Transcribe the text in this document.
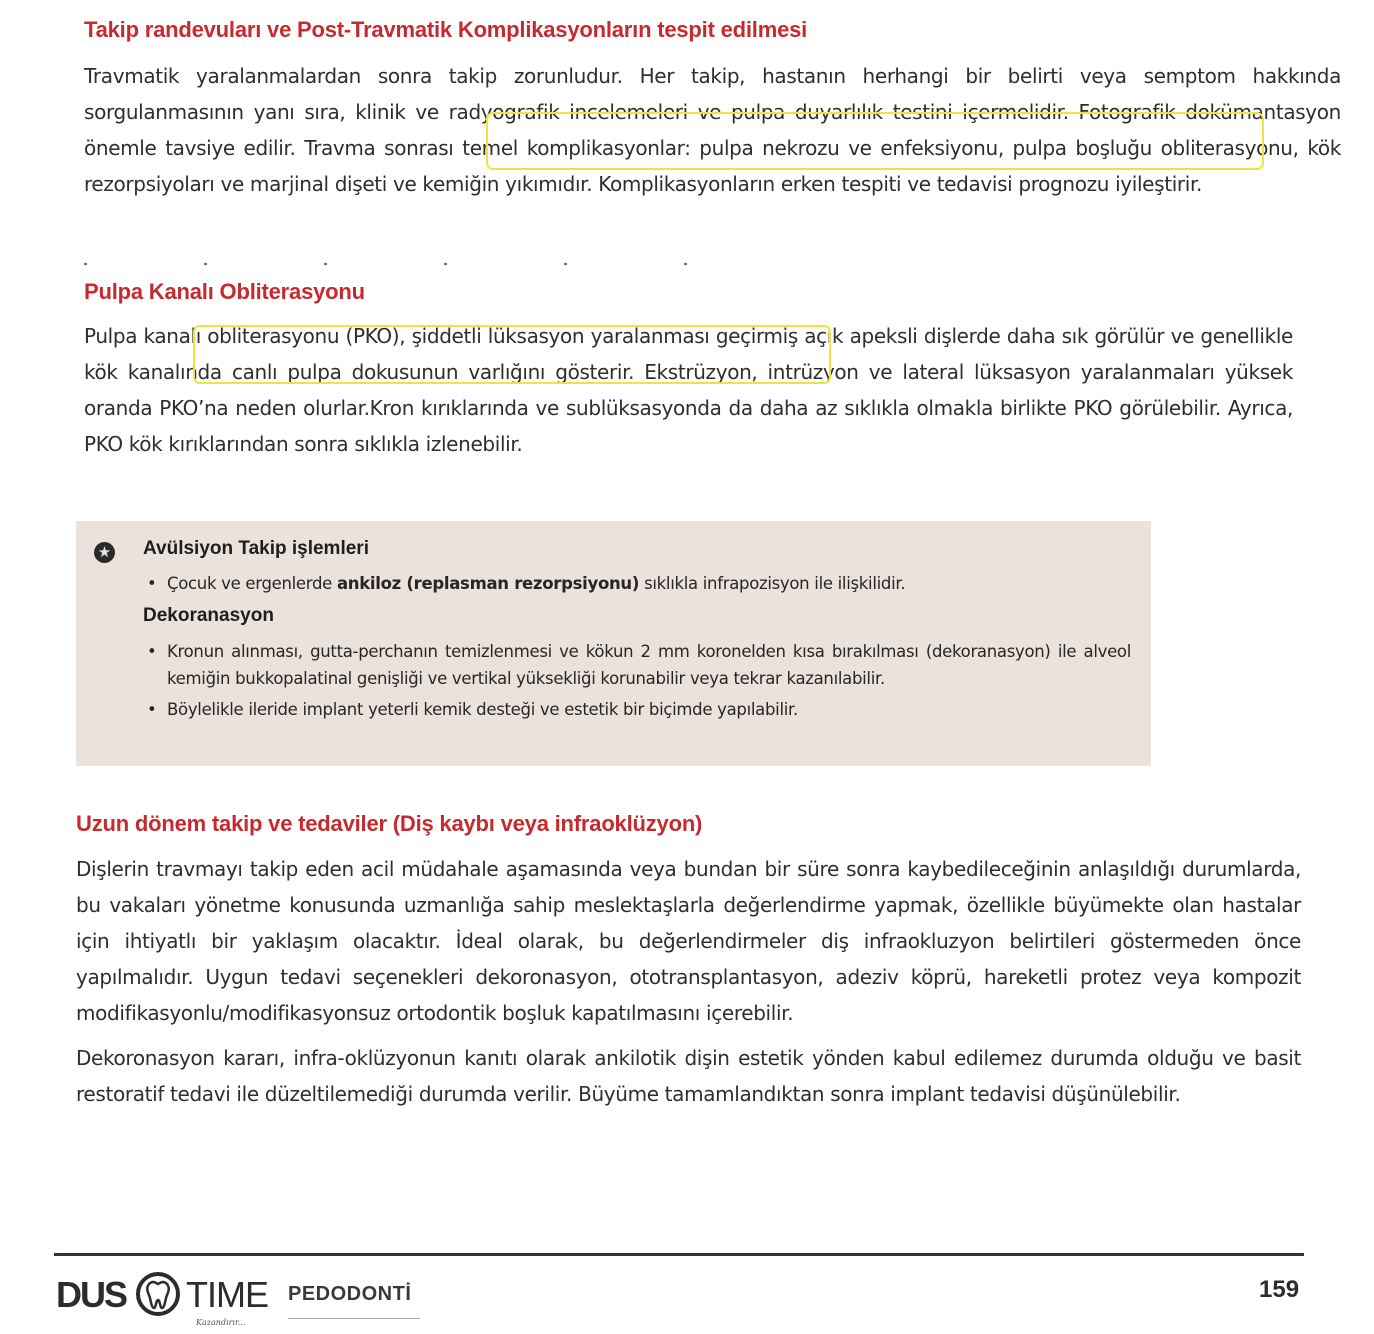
Takip randevuları ve Post-Travmatik Komplikasyonların tespit edilmesi

Travmatik yaralanmalardan sonra takip zorunludur. Her takip, hastanın herhangi bir belirti veya semptom hakkında sorgulanmasının yanı sıra, klinik ve radyografik incelemeleri ve pulpa duyarlılık testini içermelidir. Fotografik dokümantasyon önemle tavsiye edilir. Travma sonrası temel komplikasyonlar: pulpa nekrozu ve enfeksiyonu, pulpa boşluğu obliterasyonu, kök rezorpsiyoları ve marjinal dişeti ve kemiğin yıkımıdır. Komplikasyonların erken tespiti ve tedavisi prognozu iyileştirir.

Pulpa Kanalı Obliterasyonu

Pulpa kanalı obliterasyonu (PKO), şiddetli lüksasyon yaralanması geçirmiş açık apeksli dişlerde daha sık görülür ve genellikle kök kanalında canlı pulpa dokusunun varlığını gösterir. Ekstrüzyon, intrüzyon ve lateral lüksasyon yaralanmaları yüksek oranda PKO’na neden olurlar.Kron kırıklarında ve sublüksasyonda da daha az sıklıkla olmakla birlikte PKO görülebilir. Ayrıca, PKO kök kırıklarından sonra sıklıkla izlenebilir.

★ Avülsiyon Takip işlemleri
• Çocuk ve ergenlerde ankiloz (replasman rezorpsiyonu) sıklıkla infrapozisyon ile ilişkilidir.
Dekoranasyon
• Kronun alınması, gutta-perchanın temizlenmesi ve kökun 2 mm koronelden kısa bırakılması (dekoranasyon) ile alveol kemiğin bukkopalatinal genişliği ve vertikal yüksekliği korunabilir veya tekrar kazanılabilir.
• Böylelikle ileride implant yeterli kemik desteği ve estetik bir biçimde yapılabilir.
Uzun dönem takip ve tedaviler (Diş kaybı veya infraoklüzyon)

Dişlerin travmayı takip eden acil müdahale aşamasında veya bundan bir süre sonra kaybedileceğinin anlaşıldığı durumlarda, bu vakaları yönetme konusunda uzmanlığa sahip meslektaşlarla değerlendirme yapmak, özellikle büyümekte olan hastalar için ihtiyatlı bir yaklaşım olacaktır. İdeal olarak, bu değerlendirmeler diş infraokluzyon belirtileri göstermeden önce yapılmalıdır. Uygun tedavi seçenekleri dekoronasyon, ototransplantasyon, adeziv köprü, hareketli protez veya kompozit modifikasyonlu/modifikasyonsuz ortodontik boşluk kapatılmasını içerebilir.

Dekoronasyon kararı, infra-oklüzyonun kanıtı olarak ankilotik dişin estetik yönden kabul edilemez durumda olduğu ve basit restoratif tedavi ile düzeltilemediği durumda verilir. Büyüme tamamlandıktan sonra implant tedavisi düşünülebilir.

DUS TIME
Kazandırır...
PEDODONTİ	159
